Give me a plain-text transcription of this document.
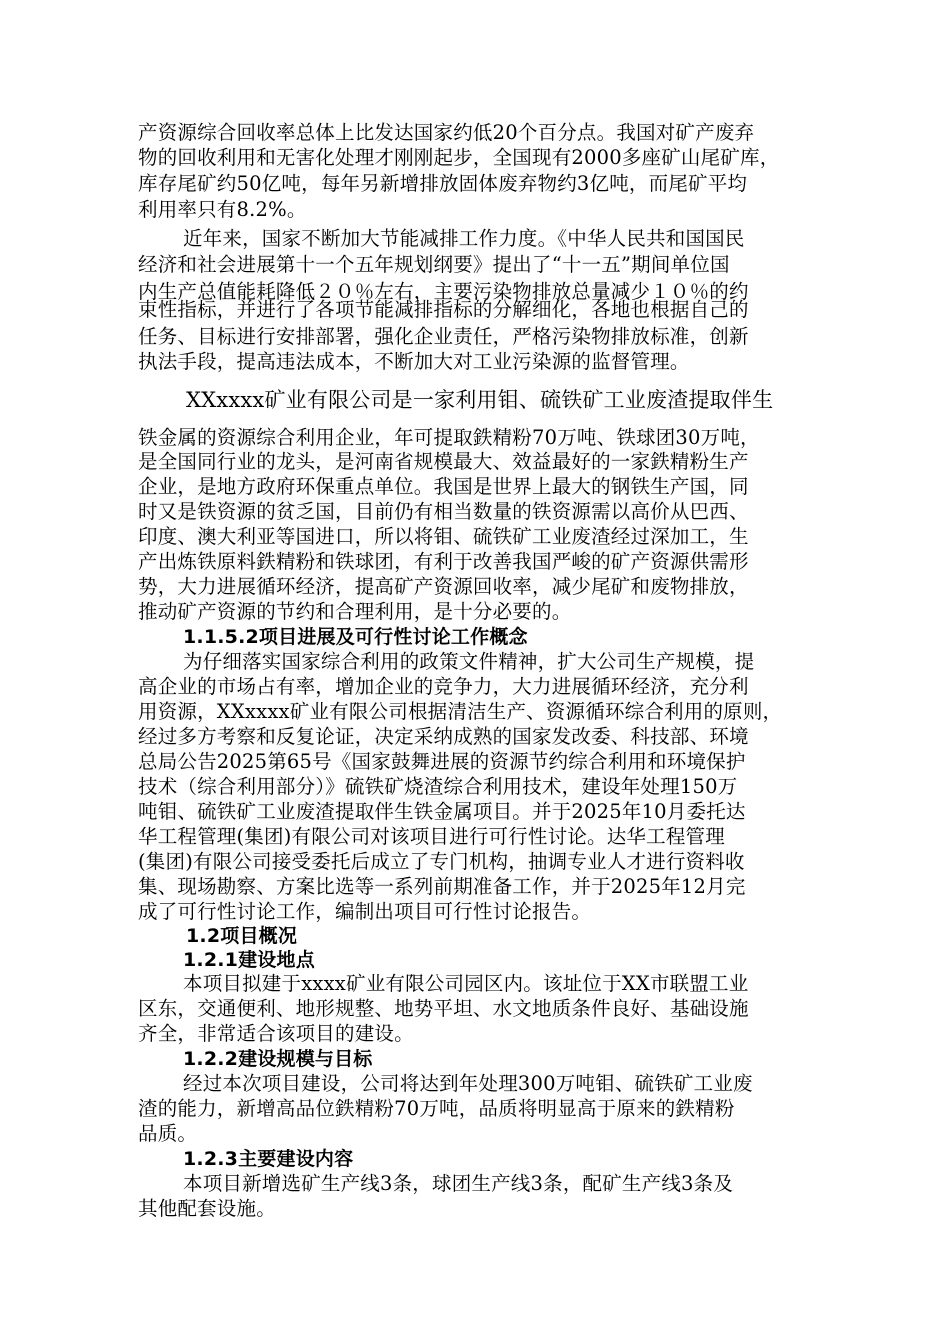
产资源综合回收率总体上比发达国家约低20个百分点。我国对矿产废弃
物的回收利用和无害化处理才刚刚起步，全国现有2000多座矿山尾矿库，
库存尾矿约50亿吨，每年另新增排放固体废弃物约3亿吨，而尾矿平均
利用率只有8.2%。
近年来，国家不断加大节能减排工作力度。《中华人民共和国国民
经济和社会进展第十一个五年规划纲要》提出了“十一五”期间单位国
内生产总值能耗降低２０％左右，主要污染物排放总量减少１０％的约
束性指标，并进行了各项节能减排指标的分解细化，各地也根据自己的
任务、目标进行安排部署，强化企业责任，严格污染物排放标准，创新
执法手段，提高违法成本，不断加大对工业污染源的监督管理。
XXxxxx矿业有限公司是一家利用钼、硫铁矿工业废渣提取伴生
铁金属的资源综合利用企业，年可提取鉄精粉70万吨、铁球团30万吨，
是全国同行业的龙头，是河南省规模最大、效益最好的一家鉄精粉生产
企业，是地方政府环保重点单位。我国是世界上最大的钢铁生产国，同
时又是铁资源的贫乏国，目前仍有相当数量的铁资源需以高价从巴西、
印度、澳大利亚等国进口，所以将钼、硫铁矿工业废渣经过深加工，生
产出炼铁原料鉄精粉和铁球团，有利于改善我国严峻的矿产资源供需形
势，大力进展循环经济，提高矿产资源回收率，减少尾矿和废物排放，
推动矿产资源的节约和合理利用，是十分必要的。
1.1.5.2项目进展及可行性讨论工作概念
为仔细落实国家综合利用的政策文件精神，扩大公司生产规模，提
高企业的市场占有率，增加企业的竞争力，大力进展循环经济，充分利
用资源，XXxxxx矿业有限公司根据清洁生产、资源循环综合利用的原则，
经过多方考察和反复论证，决定采纳成熟的国家发改委、科技部、环境
总局公告2025第65号《国家鼓舞进展的资源节约综合利用和环境保护
技术（综合利用部分）》硫铁矿烧渣综合利用技术，建设年处理150万
吨钼、硫铁矿工业废渣提取伴生铁金属项目。并于2025年10月委托达
华工程管理(集团)有限公司对该项目进行可行性讨论。达华工程管理
(集团)有限公司接受委托后成立了专门机构，抽调专业人才进行资料收
集、现场勘察、方案比选等一系列前期准备工作，并于2025年12月完
成了可行性讨论工作，编制出项目可行性讨论报告。
1.2项目概况
1.2.1建设地点
本项目拟建于xxxx矿业有限公司园区内。该址位于XX市联盟工业
区东，交通便利、地形规整、地势平坦、水文地质条件良好、基础设施
齐全，非常适合该项目的建设。
1.2.2建设规模与目标
经过本次项目建设，公司将达到年处理300万吨钼、硫铁矿工业废
渣的能力，新增高品位鉄精粉70万吨，品质将明显高于原来的鉄精粉
品质。
1.2.3主要建设内容
本项目新增选矿生产线3条，球团生产线3条，配矿生产线3条及
其他配套设施。
